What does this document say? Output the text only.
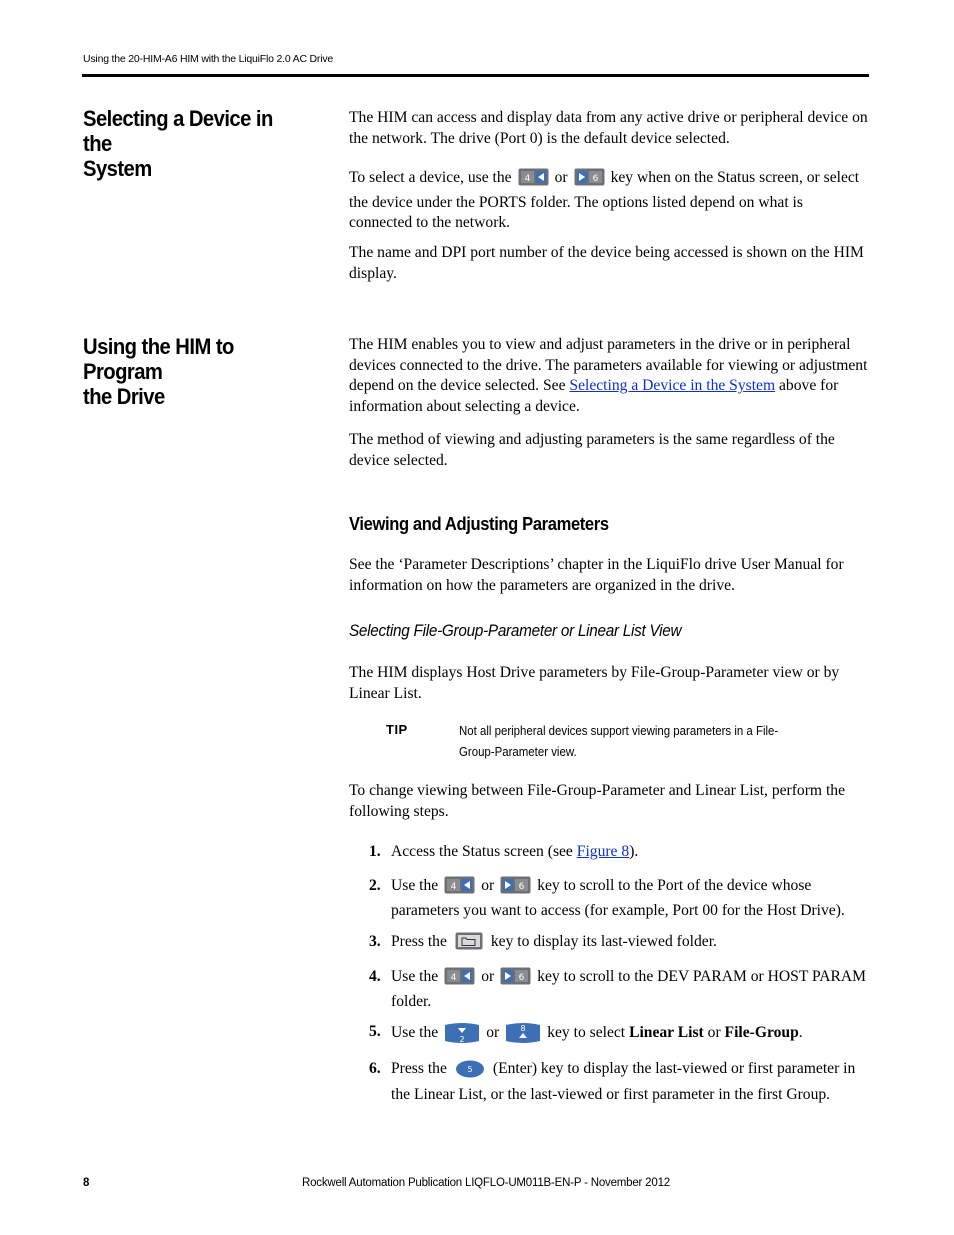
Using the 20-HIM-A6 HIM with the LiquiFlo 2.0 AC Drive
Selecting a Device in the
System
The HIM can access and display data from any active drive or peripheral device on the network. The drive (Port 0) is the default device selected.
To select a device, use the 4 or	6 key when on the Status screen, or select the device under the PORTS folder. The options listed depend on what is connected to the network.
The name and DPI port number of the device being accessed is shown on the HIM display.
Using the HIM to Program
the Drive
The HIM enables you to view and adjust parameters in the drive or in peripheral devices connected to the drive. The parameters available for viewing or adjustment depend on the device selected. See Selecting a Device in the System above for information about selecting a device.
The method of viewing and adjusting parameters is the same regardless of the device selected.
Viewing and Adjusting Parameters
See the ‘Parameter Descriptions’ chapter in the LiquiFlo drive User Manual for information on how the parameters are organized in the drive.
Selecting File-Group-Parameter or Linear List View
The HIM displays Host Drive parameters by File-Group-Parameter view or by Linear List.
TIP	Not all peripheral devices support viewing parameters in a File-Group-Parameter view.
To change viewing between File-Group-Parameter and Linear List, perform the following steps.
1. Access the Status screen (see Figure 8).
2. Use the 4 or	6 key to scroll to the Port of the device whose parameters you want to access (for example, Port 00 for the Host Drive).
3. Press the	key to display its last-viewed folder.
4. Use the 4 or	6 key to scroll to the DEV PARAM or HOST PARAM folder.
5. Use the	2 or	8 key to select Linear List or File-Group.
6. Press the	5 (Enter) key to display the last-viewed or first parameter in the Linear List, or the last-viewed or first parameter in the first Group.
8	Rockwell Automation Publication LIQFLO-UM011B-EN-P - November 2012
